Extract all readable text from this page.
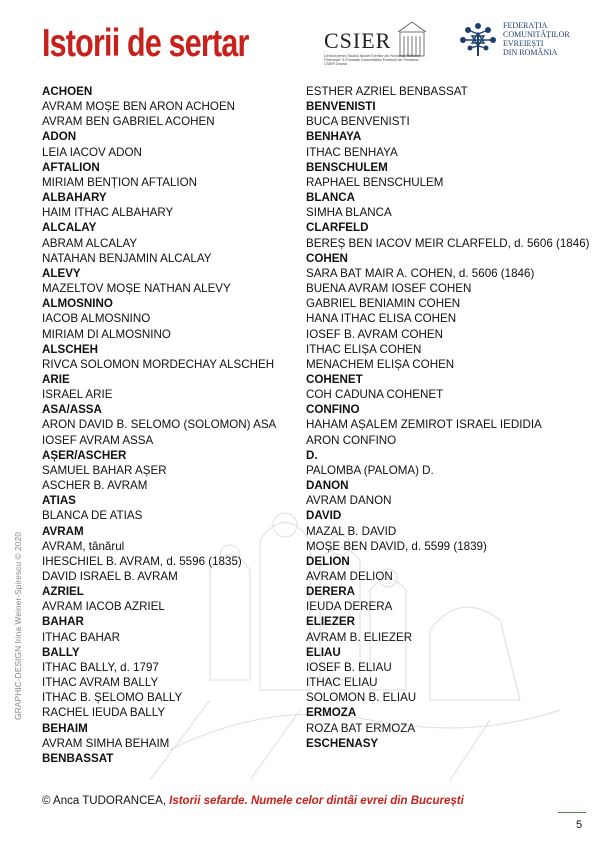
Istorii de sertar	CSIER
Centrul pentru Studiul Istoriei Evreilor din România "Wilhelm Filderman" & Fundația Comunităților Evreiești din România - CSIER Drama
FEDERAȚIA
COMUNITĂȚILOR
EVREIEȘTI
DIN ROMÂNIA
ACHOEN
AVRAM MOȘE BEN ARON ACHOEN
AVRAM BEN GABRIEL ACOHEN
ADON
LEIA IACOV ADON
AFTALION
MIRIAM BENȚION AFTALION
ALBAHARY
HAIM ITHAC ALBAHARY
ALCALAY
ABRAM ALCALAY
NATAHAN BENJAMIN ALCALAY
ALEVY
MAZELTOV MOȘE NATHAN ALEVY
ALMOSNINO
IACOB ALMOSNINO
MIRIAM DI ALMOSNINO
ALSCHEH
RIVCA SOLOMON MORDECHAY ALSCHEH
ARIE
ISRAEL ARIE
ASA/ASSA
ARON DAVID B. SELOMO (SOLOMON) ASA
IOSEF AVRAM ASSA
AȘER/ASCHER
SAMUEL BAHAR AȘER
ASCHER B. AVRAM
ATIAS
BLANCA DE ATIAS
AVRAM
AVRAM, tânărul
IHESCHIEL B. AVRAM, d. 5596 (1835)
DAVID ISRAEL B. AVRAM
AZRIEL
AVRAM IACOB AZRIEL
BAHAR
ITHAC BAHAR
BALLY
ITHAC BALLY, d. 1797
ITHAC AVRAM BALLY
ITHAC B. ȘELOMO BALLY
RACHEL IEUDA BALLY
BEHAIM
AVRAM SIMHA BEHAIM
BENBASSAT
ESTHER AZRIEL BENBASSAT
BENVENISTI
BUCA BENVENISTI
BENHAYA
ITHAC BENHAYA
BENSCHULEM
RAPHAEL BENSCHULEM
BLANCA
SIMHA BLANCA
CLARFELD
BEREȘ BEN IACOV MEIR CLARFELD, d. 5606 (1846)
COHEN
SARA BAT MAIR A. COHEN, d. 5606 (1846)
BUENA AVRAM IOSEF COHEN
GABRIEL BENIAMIN COHEN
HANA ITHAC ELISA COHEN
IOSEF B. AVRAM COHEN
ITHAC ELIȘA COHEN
MENACHEM ELIȘA COHEN
COHENET
COH CADUNA COHENET
CONFINO
HAHAM AȘALEM ZEMIROT ISRAEL IEDIDIA
ARON CONFINO
D.
PALOMBA (PALOMA) D.
DANON
AVRAM DANON
DAVID
MAZAL B. DAVID
MOȘE BEN DAVID, d. 5599 (1839)
DELION
AVRAM DELION
DERERA
IEUDA DERERA
ELIEZER
AVRAM B. ELIEZER
ELIAU
IOSEF B. ELIAU
ITHAC ELIAU
SOLOMON B. ELIAU
ERMOZA
ROZA BAT ERMOZA
ESCHENASY
GRAPHIC-DESIGN Irina Weiner-Spirescu © 2020
© Anca TUDORANCEA, Istorii sefarde. Numele celor dintâi evrei din București
5
